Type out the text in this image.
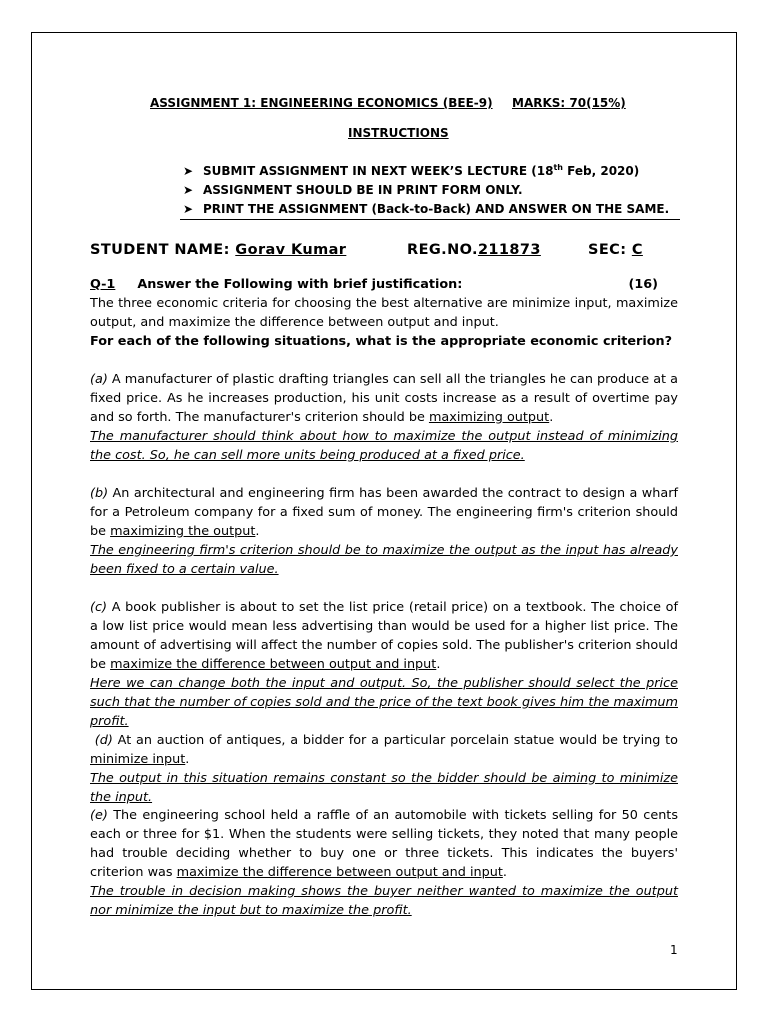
ASSIGNMENT 1: ENGINEERING ECONOMICS (BEE-9) MARKS: 70(15%)
INSTRUCTIONS
➤ SUBMIT ASSIGNMENT IN NEXT WEEK’S LECTURE (18th Feb, 2020)
➤ ASSIGNMENT SHOULD BE IN PRINT FORM ONLY.
➤ PRINT THE ASSIGNMENT (Back-to-Back) AND ANSWER ON THE SAME.
STUDENT NAME: Gorav Kumar	REG.NO.211873	SEC: C
Q-1 Answer the Following with brief justification:	(16)
The three economic criteria for choosing the best alternative are minimize input, maximize output, and maximize the difference between output and input.
For each of the following situations, what is the appropriate economic criterion?
(a) A manufacturer of plastic drafting triangles can sell all the triangles he can produce at a fixed price. As he increases production, his unit costs increase as a result of overtime pay and so forth. The manufacturer's criterion should be maximizing output.
The manufacturer should think about how to maximize the output instead of minimizing the cost. So, he can sell more units being produced at a fixed price.
(b) An architectural and engineering firm has been awarded the contract to design a wharf for a Petroleum company for a fixed sum of money. The engineering firm's criterion should be maximizing the output.
The engineering firm's criterion should be to maximize the output as the input has already been fixed to a certain value.
(c) A book publisher is about to set the list price (retail price) on a textbook. The choice of a low list price would mean less advertising than would be used for a higher list price. The amount of advertising will affect the number of copies sold. The publisher's criterion should be maximize the difference between output and input.
Here we can change both the input and output. So, the publisher should select the price such that the number of copies sold and the price of the text book gives him the maximum profit.
(d) At an auction of antiques, a bidder for a particular porcelain statue would be trying to minimize input.
The output in this situation remains constant so the bidder should be aiming to minimize the input.
(e) The engineering school held a raffle of an automobile with tickets selling for 50 cents each or three for $1. When the students were selling tickets, they noted that many people had trouble deciding whether to buy one or three tickets. This indicates the buyers' criterion was maximize the difference between output and input.
The trouble in decision making shows the buyer neither wanted to maximize the output nor minimize the input but to maximize the profit.
1
